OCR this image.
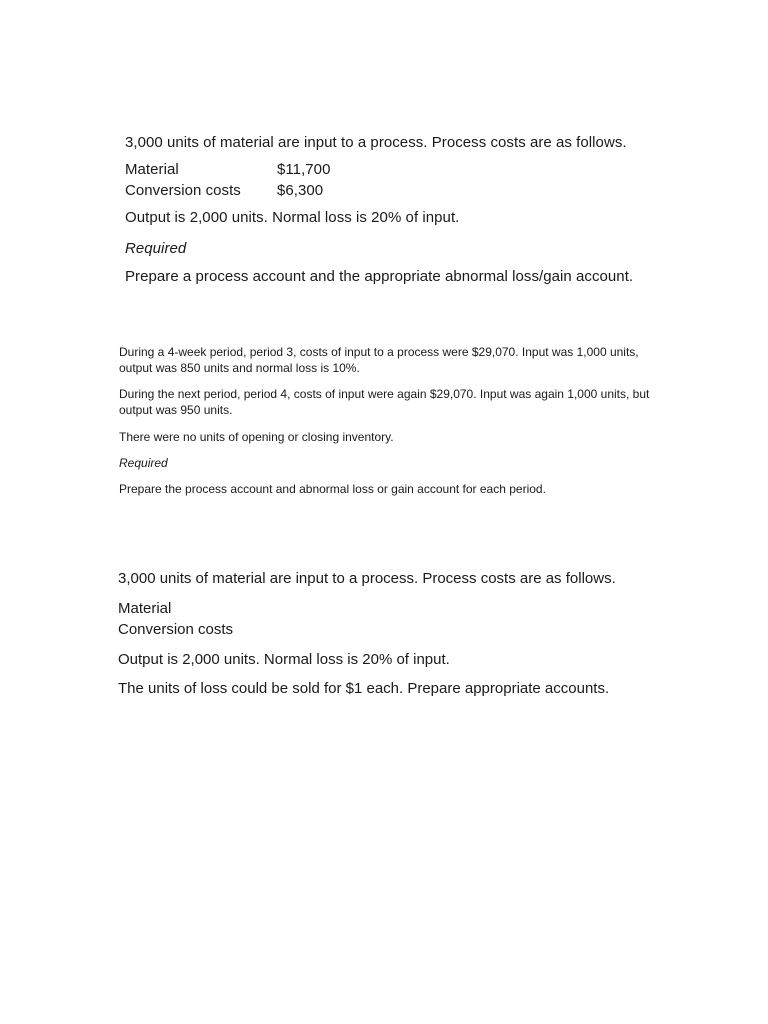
3,000 units of material are input to a process. Process costs are as follows.
Material	$11,700
Conversion costs $6,300
Output is 2,000 units. Normal loss is 20% of input.
Required
Prepare a process account and the appropriate abnormal loss/gain account.
During a 4-week period, period 3, costs of input to a process were $29,070. Input was 1,000 units,
output was 850 units and normal loss is 10%.
During the next period, period 4, costs of input were again $29,070. Input was again 1,000 units, but
output was 950 units.
There were no units of opening or closing inventory.
Required
Prepare the process account and abnormal loss or gain account for each period.
3,000 units of material are input to a process. Process costs are as follows.
Material
Conversion costs
Output is 2,000 units. Normal loss is 20% of input.
The units of loss could be sold for $1 each. Prepare appropriate accounts.
